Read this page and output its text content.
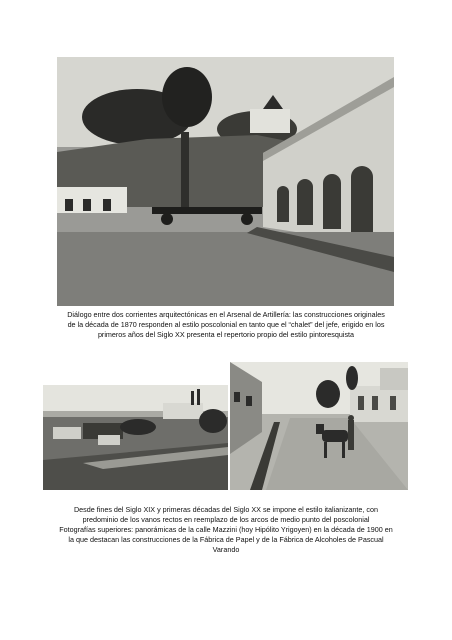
Diálogo entre dos corrientes arquitectónicas en el Arsenal de Artillería: las construcciones originales
de la década de 1870 responden al estilo poscolonial en tanto que el “chalet” del jefe, erigido en los
primeros años del Siglo XX presenta el repertorio propio del estilo pintoresquista

Desde fines del Siglo XIX y primeras décadas del Siglo XX se impone el estilo italianizante, con
predominio de los vanos rectos en reemplazo de los arcos de medio punto del poscolonial
Fotografías superiores: panorámicas de la calle Mazzini (hoy Hipólito Yrigoyen) en la década de 1900 en
la que destacan las construcciones de la Fábrica de Papel y de la Fábrica de Alcoholes de Pascual
Varando
